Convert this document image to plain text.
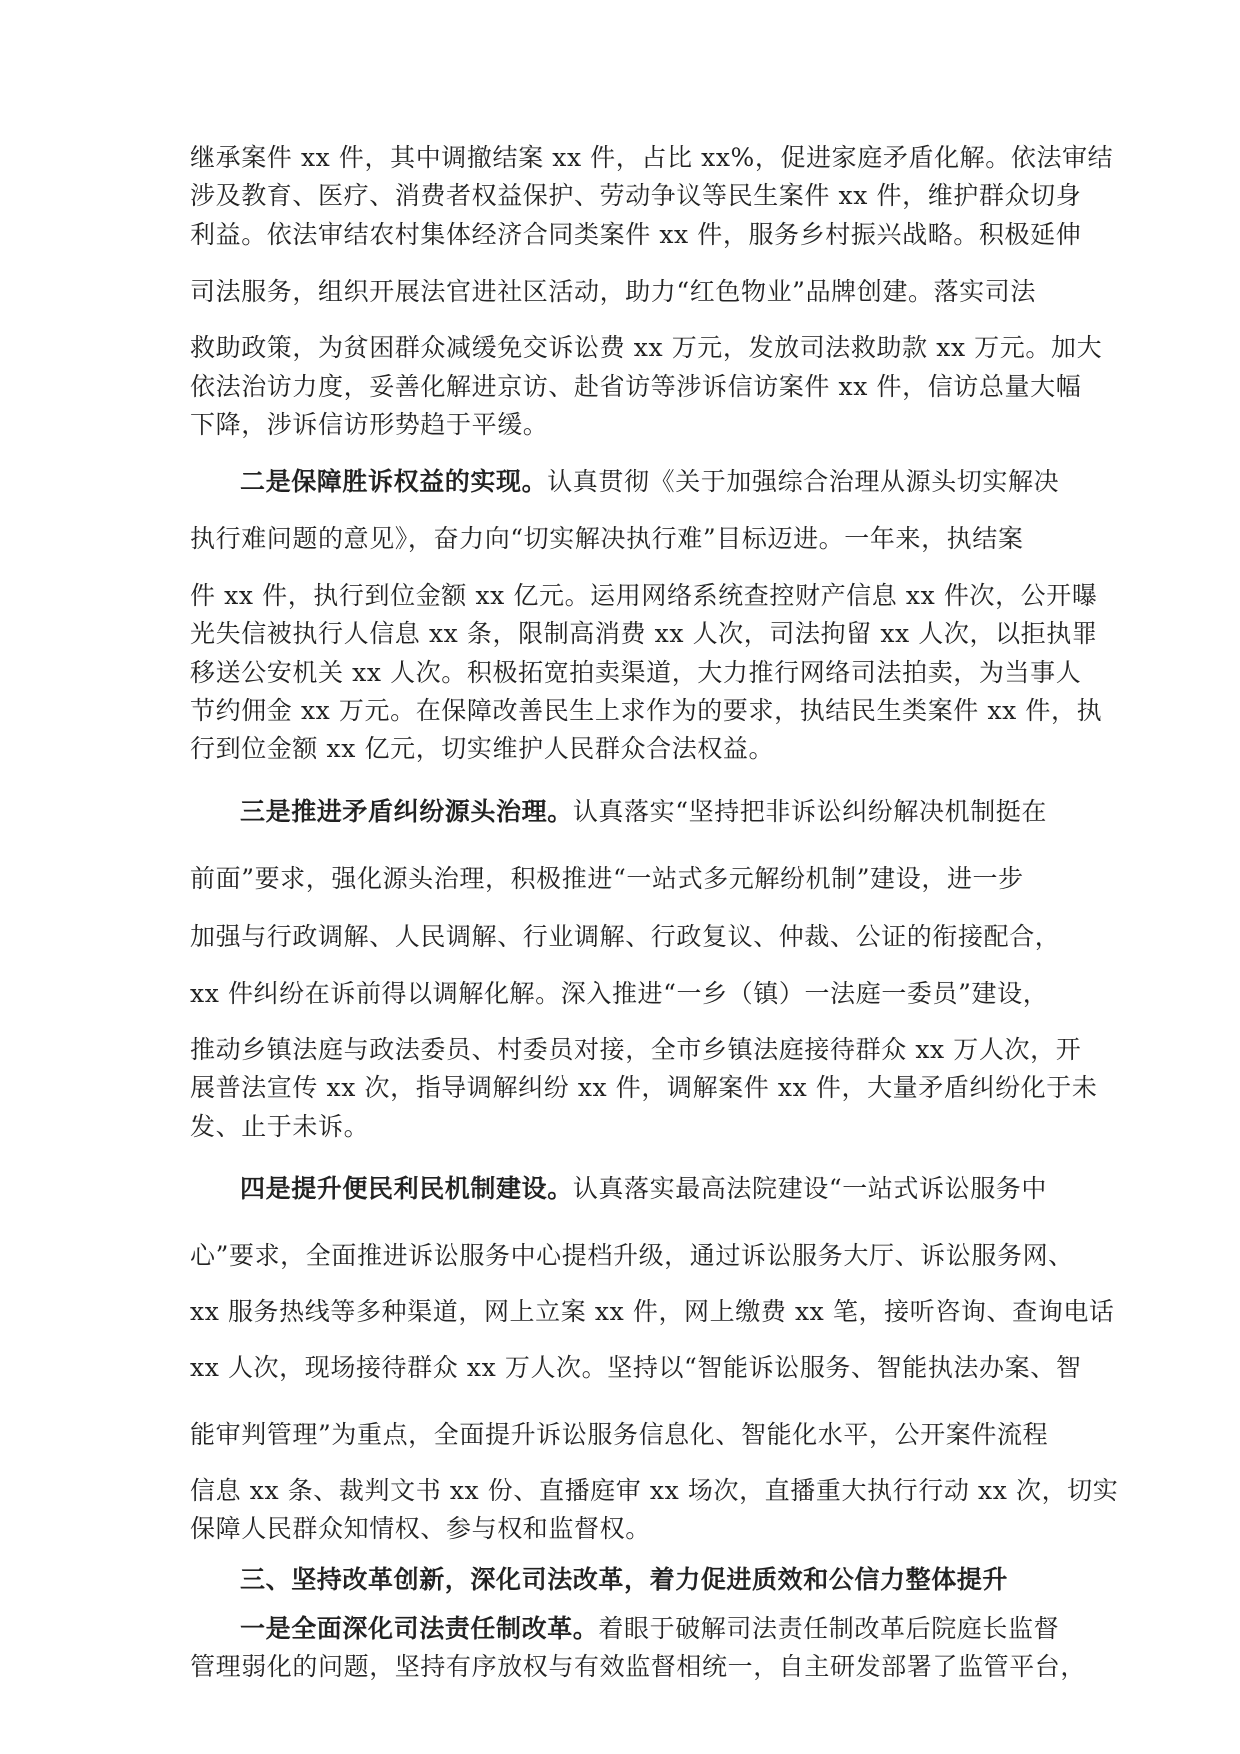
继承案件 xx 件，其中调撤结案 xx 件，占比 xx%，促进家庭矛盾化解。依法审结
涉及教育、医疗、消费者权益保护、劳动争议等民生案件 xx 件，维护群众切身
利益。依法审结农村集体经济合同类案件 xx 件，服务乡村振兴战略。积极延伸
司法服务，组织开展法官进社区活动，助力“红色物业”品牌创建。落实司法
救助政策，为贫困群众减缓免交诉讼费 xx 万元，发放司法救助款 xx 万元。加大
依法治访力度，妥善化解进京访、赴省访等涉诉信访案件 xx 件，信访总量大幅
下降，涉诉信访形势趋于平缓。
二是保障胜诉权益的实现。认真贯彻《关于加强综合治理从源头切实解决
执行难问题的意见》，奋力向“切实解决执行难”目标迈进。一年来，执结案
件 xx 件，执行到位金额 xx 亿元。运用网络系统查控财产信息 xx 件次，公开曝
光失信被执行人信息 xx 条，限制高消费 xx 人次，司法拘留 xx 人次，以拒执罪
移送公安机关 xx 人次。积极拓宽拍卖渠道，大力推行网络司法拍卖，为当事人
节约佣金 xx 万元。在保障改善民生上求作为的要求，执结民生类案件 xx 件，执
行到位金额 xx 亿元，切实维护人民群众合法权益。
三是推进矛盾纠纷源头治理。认真落实“坚持把非诉讼纠纷解决机制挺在
前面”要求，强化源头治理，积极推进“一站式多元解纷机制”建设，进一步
加强与行政调解、人民调解、行业调解、行政复议、仲裁、公证的衔接配合，
xx 件纠纷在诉前得以调解化解。深入推进“一乡（镇）一法庭一委员”建设，
推动乡镇法庭与政法委员、村委员对接，全市乡镇法庭接待群众 xx 万人次，开
展普法宣传 xx 次，指导调解纠纷 xx 件，调解案件 xx 件，大量矛盾纠纷化于未
发、止于未诉。
四是提升便民利民机制建设。认真落实最高法院建设“一站式诉讼服务中
心”要求，全面推进诉讼服务中心提档升级，通过诉讼服务大厅、诉讼服务网、
xx 服务热线等多种渠道，网上立案 xx 件，网上缴费 xx 笔，接听咨询、查询电话
xx 人次，现场接待群众 xx 万人次。坚持以“智能诉讼服务、智能执法办案、智
能审判管理”为重点，全面提升诉讼服务信息化、智能化水平，公开案件流程
信息 xx 条、裁判文书 xx 份、直播庭审 xx 场次，直播重大执行行动 xx 次，切实
保障人民群众知情权、参与权和监督权。
三、坚持改革创新，深化司法改革，着力促进质效和公信力整体提升
一是全面深化司法责任制改革。着眼于破解司法责任制改革后院庭长监督
管理弱化的问题，坚持有序放权与有效监督相统一，自主研发部署了监管平台，
